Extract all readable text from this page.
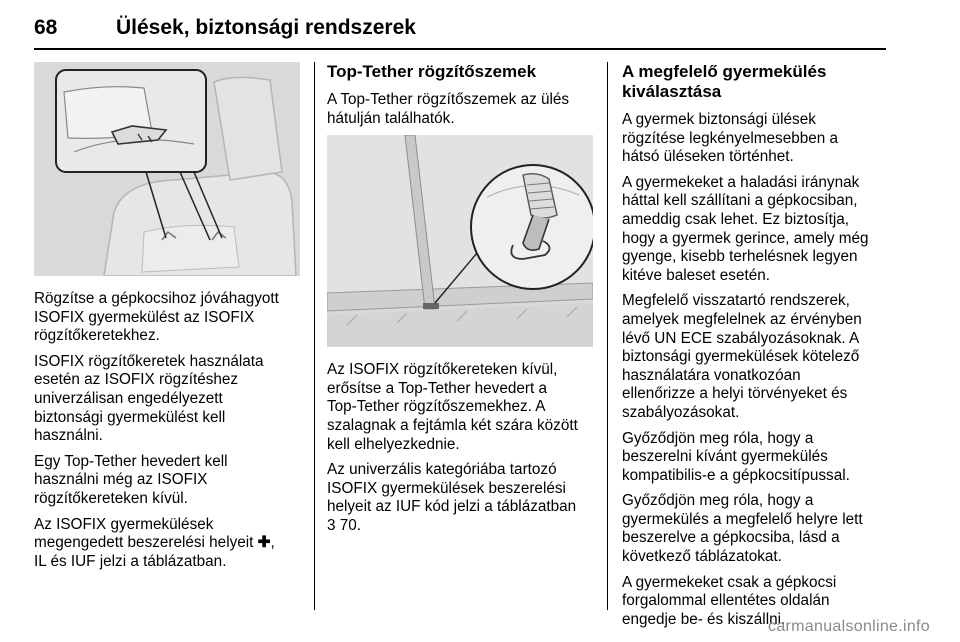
68	Ülések, biztonsági rendszerek

Rögzítse a gépkocsihoz jóváhagyott
ISOFIX gyermekülést az ISOFIX
rögzítőkeretekhez.

ISOFIX rögzítőkeretek használata
esetén az ISOFIX rögzítéshez
univerzálisan engedélyezett
biztonsági gyermekülést kell
használni.

Egy Top-Tether hevedert kell
használni még az ISOFIX
rögzítőkereteken kívül.

Az ISOFIX gyermekülések
megengedett beszerelési helyeit ✚,
IL és IUF jelzi a táblázatban.

Top-Tether rögzítőszemek

A Top-Tether rögzítőszemek az ülés
hátulján találhatók.

Az ISOFIX rögzítőkereteken kívül,
erősítse a Top-Tether hevedert a
Top-Tether rögzítőszemekhez. A
szalagnak a fejtámla két szára között
kell elhelyezkednie.

Az univerzális kategóriába tartozó
ISOFIX gyermekülések beszerelési
helyeit az IUF kód jelzi a táblázatban
3 70.

A megfelelő gyermekülés
kiválasztása

A gyermek biztonsági ülések
rögzítése legkényelmesebben a
hátsó üléseken történhet.

A gyermekeket a haladási iránynak
háttal kell szállítani a gépkocsiban,
ameddig csak lehet. Ez biztosítja,
hogy a gyermek gerince, amely még
gyenge, kisebb terhelésnek legyen
kitéve baleset esetén.

Megfelelő visszatartó rendszerek,
amelyek megfelelnek az érvényben
lévő UN ECE szabályozásoknak. A
biztonsági gyermekülések kötelező
használatára vonatkozóan
ellenőrizze a helyi törvényeket és
szabályozásokat.

Győződjön meg róla, hogy a
beszerelni kívánt gyermekülés
kompatibilis-e a gépkocsitípussal.

Győződjön meg róla, hogy a
gyermekülés a megfelelő helyre lett
beszerelve a gépkocsiba, lásd a
következő táblázatokat.

A gyermekeket csak a gépkocsi
forgalommal ellentétes oldalán
engedje be- és kiszállni.

carmanualsonline.info
